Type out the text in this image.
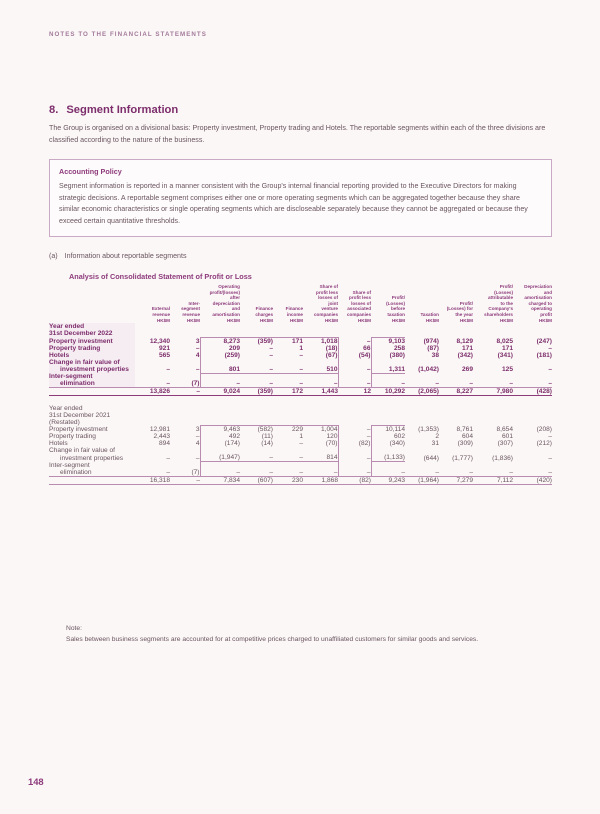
NOTES TO THE FINANCIAL STATEMENTS
8. Segment Information
The Group is organised on a divisional basis: Property investment, Property trading and Hotels. The reportable segments within each of the three divisions are classified according to the nature of the business.
Accounting Policy
Segment information is reported in a manner consistent with the Group's internal financial reporting provided to the Executive Directors for making strategic decisions. A reportable segment comprises either one or more operating segments which can be aggregated together because they share similar economic characteristics or single operating segments which are discloseable separately because they cannot be aggregated or because they exceed certain quantitative thresholds.
(a) Information about reportable segments
Analysis of Consolidated Statement of Profit or Loss

External
revenue
HK$M

Inter-
segment
revenue
HK$M

Operating
profit/(losses)
after
depreciation
and
amortisation
HK$M

Finance
charges
HK$M

Finance
income
HK$M

Share of
profit less
losses of
joint
venture
companies
HK$M

Share of
profit less
losses of
associated
companies
HK$M

Profit/
(Losses)
before
taxation
HK$M

Taxation
HK$M

Profit/
(Losses) for
the year
HK$M

Profit/
(Losses)
attributable
to the
Company's
shareholders
HK$M

Depreciation
and
amortisation
charged to
operating
profit
HK$M

Year ended												
31st December 2022												
Property investment	12,340	3	8,273	(359)	171	1,018	–	9,103	(974)	8,129	8,025	(247)
Property trading	921	–	209	–	1	(18)	66	258	(87)	171	171	–
Hotels	565	4	(259)	–	–	(67)	(54)	(380)	38	(342)	(341)	(181)
Change in fair value of												
investment properties	–	–	801	–	–	510	–	1,311	(1,042)	269	125	–
Inter-segment												
elimination	–	(7)	–	–	–	–	–	–	–	–	–	–
	13,826	–	9,024	(359)	172	1,443	12	10,292	(2,065)	8,227	7,980	(428)

Year ended												
31st December 2021												
(Restated)												
Property investment	12,981	3	9,463	(582)	229	1,004	–	10,114	(1,353)	8,761	8,654	(208)
Property trading	2,443	–	492	(11)	1	120	–	602	2	604	601	–
Hotels	894	4	(174)	(14)	–	(70)	(82)	(340)	31	(309)	(307)	(212)
Change in fair value of												
investment properties	–	–	(1,947)	–	–	814	–	(1,133)	(644)	(1,777)	(1,836)	–
Inter-segment												
elimination	–	(7)	–	–	–	–	–	–	–	–	–	–
	16,318	–	7,834	(607)	230	1,868	(82)	9,243	(1,964)	7,279	7,112	(420)
Note:
Sales between business segments are accounted for at competitive prices charged to unaffiliated customers for similar goods and services.
148
